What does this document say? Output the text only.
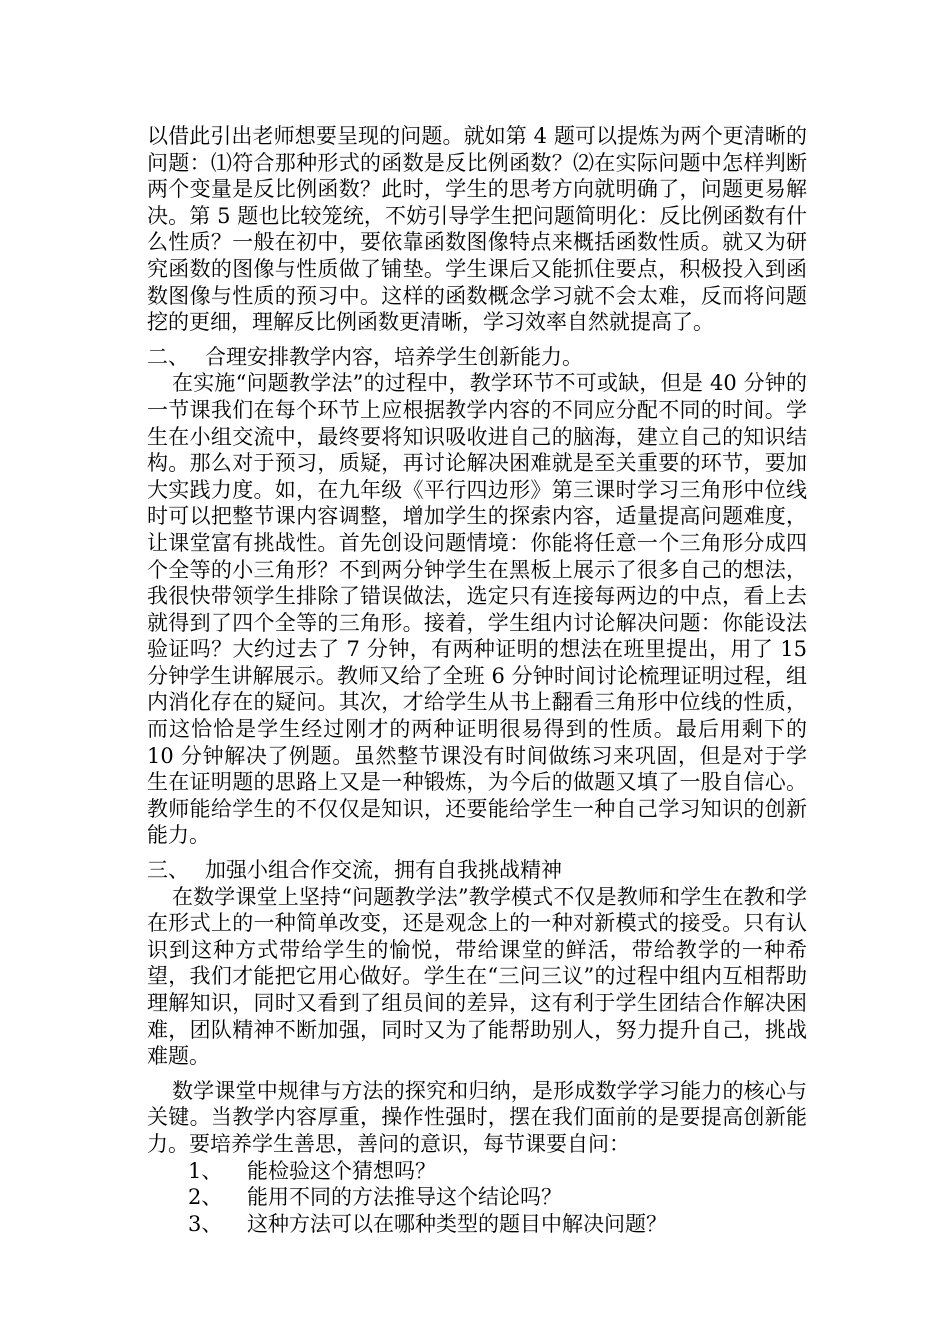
以借此引出老师想要呈现的问题。就如第 4 题可以提炼为两个更清晰的问题：⑴符合那种形式的函数是反比例函数？⑵在实际问题中怎样判断两个变量是反比例函数？此时，学生的思考方向就明确了，问题更易解决。第 5 题也比较笼统，不妨引导学生把问题简明化：反比例函数有什么性质？一般在初中，要依靠函数图像特点来概括函数性质。就又为研究函数的图像与性质做了铺垫。学生课后又能抓住要点，积极投入到函数图像与性质的预习中。这样的函数概念学习就不会太难，反而将问题挖的更细，理解反比例函数更清晰，学习效率自然就提高了。

二、 合理安排教学内容，培养学生创新能力。

在实施“问题教学法”的过程中，教学环节不可或缺，但是 40 分钟的一节课我们在每个环节上应根据教学内容的不同应分配不同的时间。学生在小组交流中，最终要将知识吸收进自己的脑海，建立自己的知识结构。那么对于预习，质疑，再讨论解决困难就是至关重要的环节，要加大实践力度。如，在九年级《平行四边形》第三课时学习三角形中位线时可以把整节课内容调整，增加学生的探索内容，适量提高问题难度，让课堂富有挑战性。首先创设问题情境：你能将任意一个三角形分成四个全等的小三角形？不到两分钟学生在黑板上展示了很多自己的想法，我很快带领学生排除了错误做法，选定只有连接每两边的中点，看上去就得到了四个全等的三角形。接着，学生组内讨论解决问题：你能设法验证吗？大约过去了 7 分钟，有两种证明的想法在班里提出，用了 15 分钟学生讲解展示。教师又给了全班 6 分钟时间讨论梳理证明过程，组内消化存在的疑问。其次，才给学生从书上翻看三角形中位线的性质，而这恰恰是学生经过刚才的两种证明很易得到的性质。最后用剩下的 10 分钟解决了例题。虽然整节课没有时间做练习来巩固，但是对于学生在证明题的思路上又是一种锻炼，为今后的做题又填了一股自信心。教师能给学生的不仅仅是知识，还要能给学生一种自己学习知识的创新能力。

三、 加强小组合作交流，拥有自我挑战精神

在数学课堂上坚持“问题教学法”教学模式不仅是教师和学生在教和学在形式上的一种简单改变，还是观念上的一种对新模式的接受。只有认识到这种方式带给学生的愉悦，带给课堂的鲜活，带给教学的一种希望，我们才能把它用心做好。学生在“三问三议”的过程中组内互相帮助理解知识，同时又看到了组员间的差异，这有利于学生团结合作解决困难，团队精神不断加强，同时又为了能帮助别人，努力提升自己，挑战难题。

数学课堂中规律与方法的探究和归纳，是形成数学学习能力的核心与关键。当教学内容厚重，操作性强时，摆在我们面前的是要提高创新能力。要培养学生善思，善问的意识，每节课要自问：

1、 能检验这个猜想吗？
2、 能用不同的方法推导这个结论吗？
3、 这种方法可以在哪种类型的题目中解决问题？
